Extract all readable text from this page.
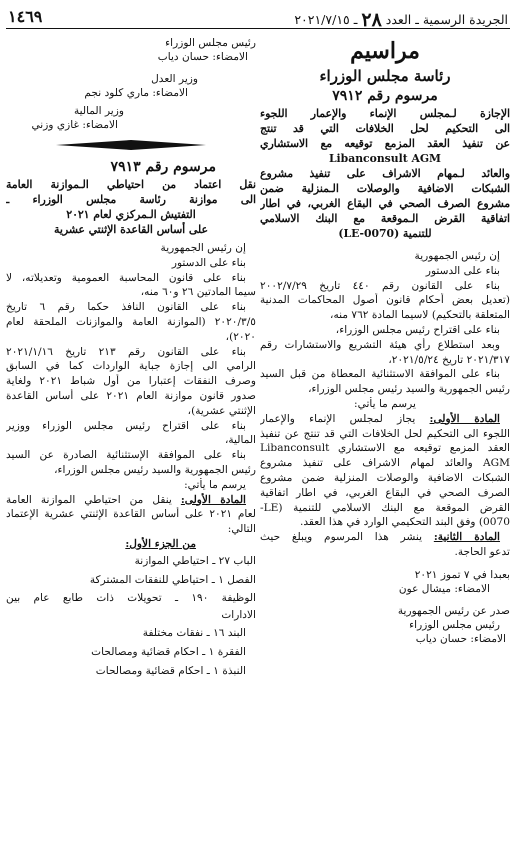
الجريدة الرسمية ـ العدد ٢٨ ـ ٢٠٢١/٧/١٥
١٤٦٩
مراسيم
رئاسة مجلس الوزراء
مرسوم رقم ٧٩١٢
الإجازة لـمجلس الإنماء والإعمار اللجوء
الى التحكيم لحل الخلافات التي قد تنتج
عن تنفيذ العقد المزمع توقيعه مع الاستشاري
Libanconsult AGM
والعائد لـمهام الاشراف على تنفيذ مشروع
الشبكات الاضافية والوصلات الـمنزلية ضمن
مشروع الصرف الصحي في البقاع الغربي، في اطار
اتفاقية القرض الـموقعة مع البنك الاسلامي
للتنمية (LE-0070)
إن رئيس الجمهورية
بناء على الدستور
بناء على القانون رقم ٤٤٠ تاريخ ٢٠٠٢/٧/٢٩
(تعديل بعض أحكام قانون أصول المحاكمات المدنية
المتعلقة بالتحكيم) لاسيما المادة ٧٦٢ منه،
بناء على اقتراح رئيس مجلس الوزراء،
وبعد استطلاع رأي هيئة التشريع والاستشارات رقم
٢٠٢١/٣١٧ تاريخ ٢٠٢١/٥/٢٤،
بناء على الموافقة الاستثنائية المعطاة من قبل السيد
رئيس الجمهورية والسيد رئيس مجلس الوزراء،
يرسم ما يأتي:
المادة الأولى: يجاز لمجلس الإنماء والإعمار
اللجوء الى التحكيم لحل الخلافات التي قد تنتج عن تنفيذ
العقد المزمع توقيعه مع الاستشاري Libanconsult
AGM والعائد لمهام الاشراف على تنفيذ مشروع
الشبكات الاضافية والوصلات المنزلية ضمن مشروع
الصرف الصحي في البقاع الغربي، في اطار اتفاقية
القرض الموقعة مع البنك الاسلامي للتنمية (LE-
0070) وفق البند التحكيمي الوارد في هذا العقد.
المادة الثانية: ينشر هذا المرسوم ويبلغ حيث
تدعو الحاجة.
بعبدا في ٧ تموز ٢٠٢١
الامضاء: ميشال عون
صدر عن رئيس الجمهورية
رئيس مجلس الوزراء
الامضاء: حسان دياب
رئيس مجلس الوزراء
الامضاء: حسان دياب
وزير العدل
الامضاء: ماري كلود نجم
وزير المالية
الامضاء: غازي وزني
مرسوم رقم ٧٩١٣
نقل اعتماد من احتياطي الـموازنة العامة
الى موازنة رئاسة مجلس الوزراء ـ
التفتيش الـمركزي لعام ٢٠٢١
على أساس القاعدة الإثنتي عشرية
إن رئيس الجمهورية
بناء على الدستور
بناء على قانون المحاسبة العمومية وتعديلاته، لا
سيما المادتين ٢٦ و٦٠ منه،
بناء على القانون النافذ حكما رقم ٦ تاريخ
٢٠٢٠/٣/٥ (الموازنة العامة والموازنات الملحقة لعام
٢٠٢٠)،
بناء على القانون رقم ٢١٣ تاريخ ٢٠٢١/١/١٦
الرامي الى إجازة جباية الواردات كما في السابق
وصرف النفقات إعتبارا من أول شباط ٢٠٢١ ولغاية
صدور قانون موازنة العام ٢٠٢١ على أساس القاعدة
الإثنتي عشرية)،
بناء على اقتراح رئيس مجلس الوزراء ووزير
المالية،
بناء على الموافقة الإستثنائية الصادرة عن السيد
رئيس الجمهورية والسيد رئيس مجلس الوزراء،
يرسم ما يأتي:
المادة الأولى: ينقل من احتياطي الموازنة العامة
لعام ٢٠٢١ على أساس القاعدة الإثنتي عشرية الإعتماد
التالي:
من الجزء الأول:
الباب ٢٧ ـ احتياطي الموازنة
الفصل ١ ـ احتياطي للنفقات المشتركة
الوظيفة ١٩٠ ـ تحويلات ذات طابع عام بين
الادارات
البند ١٦ ـ نفقات مختلفة
الفقرة ١ ـ احكام قضائية ومصالحات
النبذة ١ ـ احكام قضائية ومصالحات
